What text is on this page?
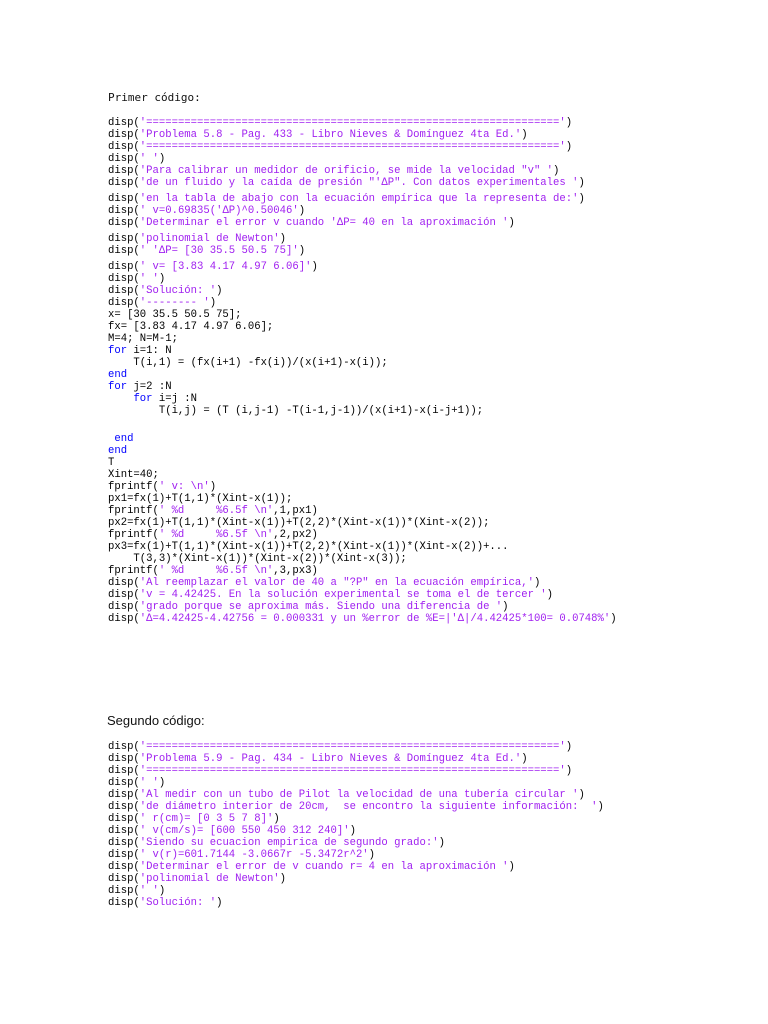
Primer código:
disp('=================================================================')
disp('Problema 5.8 - Pag. 433 - Libro Nieves & Domínguez 4ta Ed.')
disp('=================================================================')
disp(' ')
disp('Para calibrar un medidor de orificio, se mide la velocidad "v" ')
disp('de un fluido y la caída de presión "'ΔP". Con datos experimentales ')
disp('en la tabla de abajo con la ecuación empírica que la representa de:')
disp(' v=0.69835('ΔP)^0.50046')
disp('Determinar el error v cuando 'ΔP= 40 en la aproximación ')
disp('polinomial de Newton')
disp(' 'ΔP= [30 35.5 50.5 75]')
disp(' v= [3.83 4.17 4.97 6.06]')
disp(' ')
disp('Solución: ')
disp('-------- ')
x= [30 35.5 50.5 75];
fx= [3.83 4.17 4.97 6.06];
M=4; N=M-1;
for i=1: N
T(i,1) = (fx(i+1) -fx(i))/(x(i+1)-x(i));
end
for j=2 :N
for i=j :N
T(i,j) = (T (i,j-1) -T(i-1,j-1))/(x(i+1)-x(i-j+1));
end
end
T
Xint=40;
fprintf(' v: \n')
px1=fx(1)+T(1,1)*(Xint-x(1));
fprintf(' %d     %6.5f \n',1,px1)
px2=fx(1)+T(1,1)*(Xint-x(1))+T(2,2)*(Xint-x(1))*(Xint-x(2));
fprintf(' %d     %6.5f \n',2,px2)
px3=fx(1)+T(1,1)*(Xint-x(1))+T(2,2)*(Xint-x(1))*(Xint-x(2))+...
T(3,3)*(Xint-x(1))*(Xint-x(2))*(Xint-x(3));
fprintf(' %d     %6.5f \n',3,px3)
disp('Al reemplazar el valor de 40 a "?P" en la ecuación empírica,')
disp('v = 4.42425. En la solución experimental se toma el de tercer ')
disp('grado porque se aproxima más. Siendo una diferencia de ')
disp('Δ=4.42425-4.42756 = 0.000331 y un %error de %E=|'Δ|/4.42425*100= 0.0748%')
Segundo código:
disp('=================================================================')
disp('Problema 5.9 - Pag. 434 - Libro Nieves & Domínguez 4ta Ed.')
disp('=================================================================')
disp(' ')
disp('Al medir con un tubo de Pilot la velocidad de una tubería circular ')
disp('de diámetro interior de 20cm,  se encontro la siguiente información:  ')
disp(' r(cm)= [0 3 5 7 8]')
disp(' v(cm/s)= [600 550 450 312 240]')
disp('Siendo su ecuacion empirica de segundo grado:')
disp(' v(r)=601.7144 -3.0667r -5.3472r^2')
disp('Determinar el error de v cuando r= 4 en la aproximación ')
disp('polinomial de Newton')
disp(' ')
disp('Solución: ')
